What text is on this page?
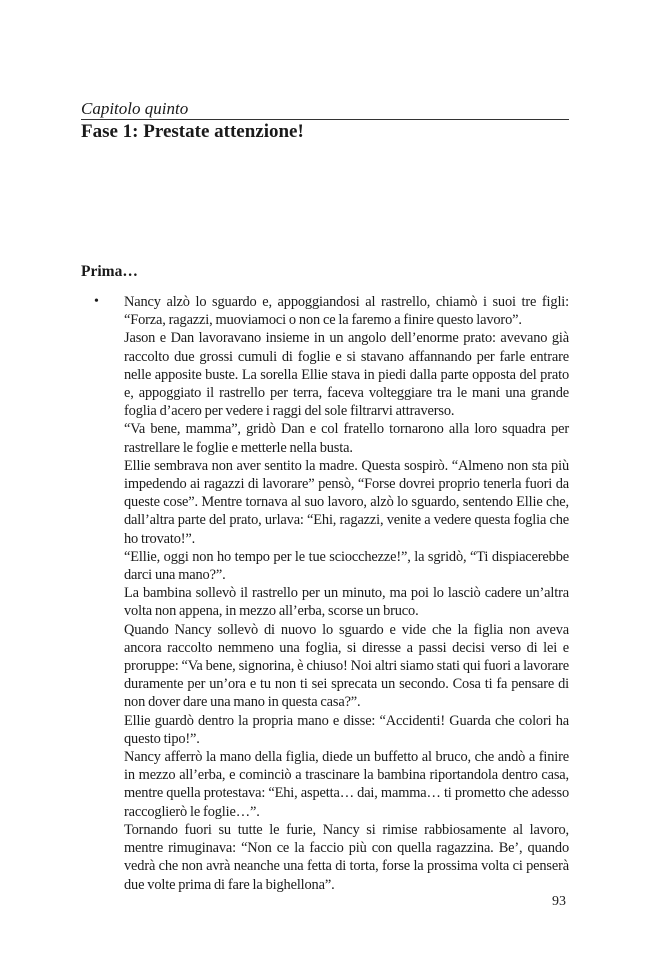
Capitolo quinto
Fase 1: Prestate attenzione!
Prima…
• Nancy alzò lo sguardo e, appoggiandosi al rastrello, chiamò i suoi tre figli: “Forza, ragazzi, muoviamoci o non ce la faremo a finire questo lavoro”.

Jason e Dan lavoravano insieme in un angolo dell’enorme prato: avevano già raccolto due grossi cumuli di foglie e si stavano affannando per farle entrare nelle apposite buste. La sorella Ellie stava in piedi dalla parte opposta del prato e, appoggiato il rastrello per terra, faceva volteggiare tra le mani una grande foglia d’acero per vedere i raggi del sole filtrarvi attraverso.

“Va bene, mamma”, gridò Dan e col fratello tornarono alla loro squadra per rastrellare le foglie e metterle nella busta.

Ellie sembrava non aver sentito la madre. Questa sospirò. “Almeno non sta più impedendo ai ragazzi di lavorare” pensò, “Forse dovrei proprio tenerla fuori da queste cose”. Mentre tornava al suo lavoro, alzò lo sguardo, sentendo Ellie che, dall’altra parte del prato, urlava: “Ehi, ragazzi, venite a vedere questa foglia che ho trovato!”.

“Ellie, oggi non ho tempo per le tue sciocchezze!”, la sgridò, “Ti dispiacerebbe darci una mano?”.

La bambina sollevò il rastrello per un minuto, ma poi lo lasciò cadere un’altra volta non appena, in mezzo all’erba, scorse un bruco.

Quando Nancy sollevò di nuovo lo sguardo e vide che la figlia non aveva ancora raccolto nemmeno una foglia, si diresse a passi decisi verso di lei e proruppe: “Va bene, signorina, è chiuso! Noi altri siamo stati qui fuori a lavorare duramente per un’ora e tu non ti sei sprecata un secondo. Cosa ti fa pensare di non dover dare una mano in questa casa?”.

Ellie guardò dentro la propria mano e disse: “Accidenti! Guarda che colori ha questo tipo!”.

Nancy afferrò la mano della figlia, diede un buffetto al bruco, che andò a finire in mezzo all’erba, e cominciò a trascinare la bambina riportandola dentro casa, mentre quella protestava: “Ehi, aspetta… dai, mamma… ti prometto che adesso raccoglierò le foglie…”.

Tornando fuori su tutte le furie, Nancy si rimise rabbiosamente al lavoro, mentre rimuginava: “Non ce la faccio più con quella ragazzina. Be’, quando vedrà che non avrà neanche una fetta di torta, forse la prossima volta ci penserà due volte prima di fare la bighellona”.

93
